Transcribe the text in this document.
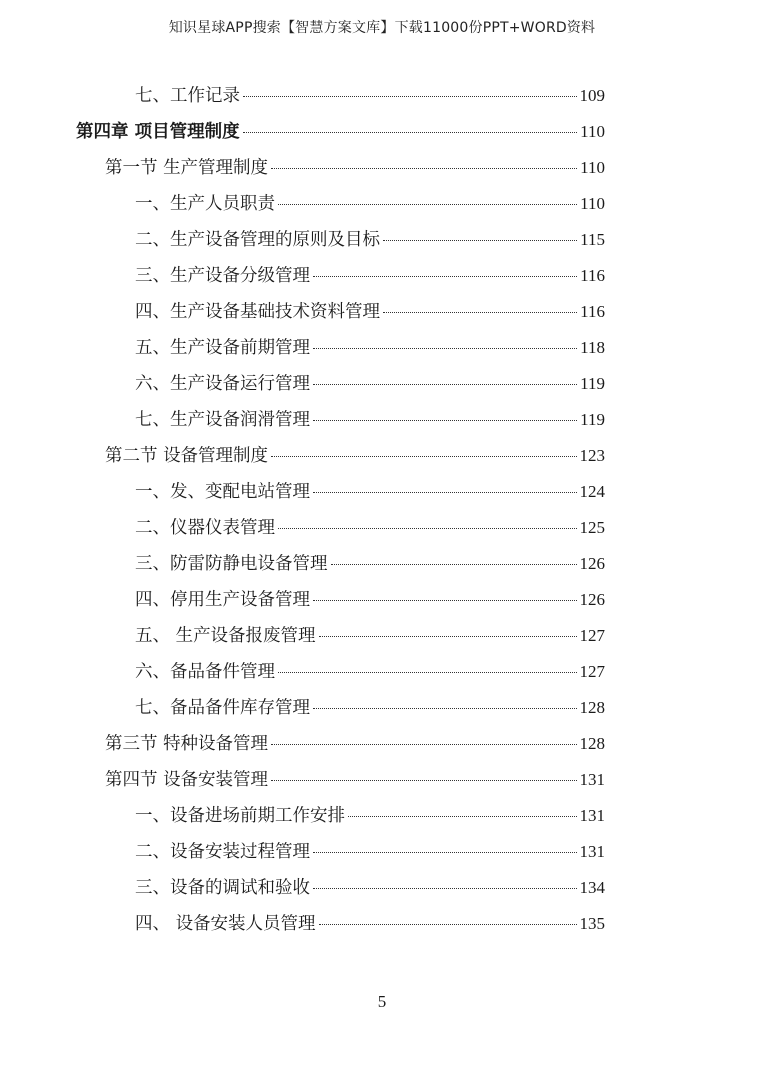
知识星球APP搜索【智慧方案文库】下载11000份PPT+WORD资料
七、工作记录	109
第四章 项目管理制度	110
第一节 生产管理制度	110
一、生产人员职责	110
二、生产设备管理的原则及目标	115
三、生产设备分级管理	116
四、生产设备基础技术资料管理	116
五、生产设备前期管理	118
六、生产设备运行管理	119
七、生产设备润滑管理	119
第二节 设备管理制度	123
一、发、变配电站管理	124
二、仪器仪表管理	125
三、防雷防静电设备管理	126
四、停用生产设备管理	126
五、 生产设备报废管理	127
六、备品备件管理	127
七、备品备件库存管理	128
第三节 特种设备管理	128
第四节 设备安装管理	131
一、设备进场前期工作安排	131
二、设备安装过程管理	131
三、设备的调试和验收	134
四、 设备安装人员管理	135
5
